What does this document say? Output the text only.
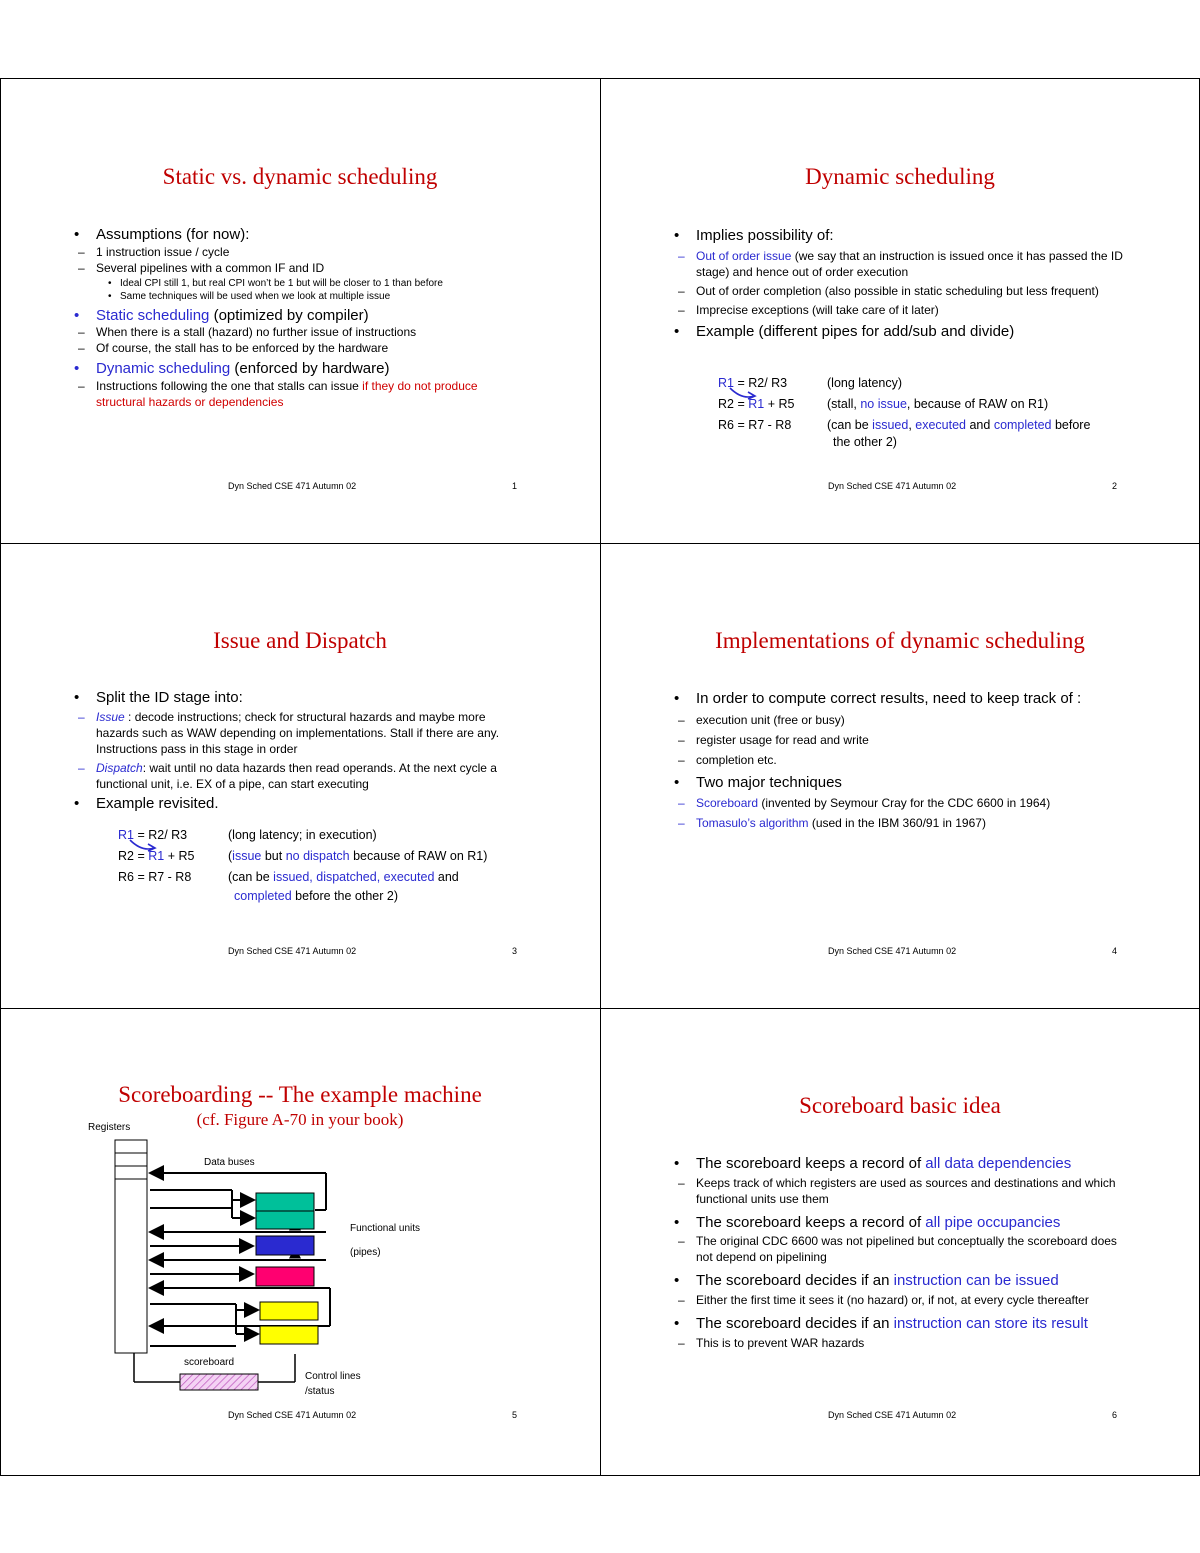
Static vs. dynamic scheduling

• Assumptions (for now):

– 1 instruction issue / cycle

– Several pipelines with a common IF and ID

• Ideal CPI still 1, but real CPI won’t be 1 but will be closer to 1 than before

• Same techniques will be used when we look at multiple issue

• Static scheduling (optimized by compiler)

– When there is a stall (hazard) no further issue of instructions

– Of course, the stall has to be enforced by the hardware

• Dynamic scheduling (enforced by hardware)

– Instructions following the one that stalls can issue if they do not produce structural hazards or dependencies

Dyn Sched CSE 471 Autumn 02	1
Dynamic scheduling

• Implies possibility of:

– Out of order issue (we say that an instruction is issued once it has passed the ID stage) and hence out of order execution

– Out of order completion (also possible in static scheduling but less frequent)

– Imprecise exceptions (will take care of it later)

• Example (different pipes for add/sub and divide)

R1 = R2/ R3	(long latency)
R2 = R1 + R5	(stall, no issue, because of RAW on R1)
R6 = R7 - R8	(can be issued, executed and completed before
the other 2)
Dyn Sched CSE 471 Autumn 02	2
Issue and Dispatch

• Split the ID stage into:

– Issue : decode instructions; check for structural hazards and maybe more hazards such as WAW depending on implementations. Stall if there are any. Instructions pass in this stage in order

– Dispatch: wait until no data hazards then read operands. At the next cycle a functional unit, i.e. EX of a pipe, can start executing

• Example revisited.

R1 = R2/ R3	(long latency; in execution)
R2 = R1 + R5	(issue but no dispatch because of RAW on R1)
R6 = R7 - R8	(can be issued, dispatched, executed and
completed before the other 2)
Dyn Sched CSE 471 Autumn 02	3
Implementations of dynamic scheduling

• In order to compute correct results, need to keep track of :

– execution unit (free or busy)

– register usage for read and write

– completion etc.

• Two major techniques

– Scoreboard (invented by Seymour Cray for the CDC 6600 in 1964)

– Tomasulo’s algorithm (used in the IBM 360/91 in 1967)

Dyn Sched CSE 471 Autumn 02	4
Scoreboarding -- The example machine
(cf. Figure A-70 in your book)
Registers
Data buses
Functional units
(pipes)
scoreboard
Control lines
/status
Dyn Sched CSE 471 Autumn 02	5
Scoreboard basic idea

• The scoreboard keeps a record of all data dependencies

– Keeps track of which registers are used as sources and destinations and which functional units use them

• The scoreboard keeps a record of all pipe occupancies

– The original CDC 6600 was not pipelined but conceptually the scoreboard does not depend on pipelining

• The scoreboard decides if an instruction can be issued

– Either the first time it sees it (no hazard) or, if not, at every cycle thereafter

• The scoreboard decides if an instruction can store its result

– This is to prevent WAR hazards

Dyn Sched CSE 471 Autumn 02	6
